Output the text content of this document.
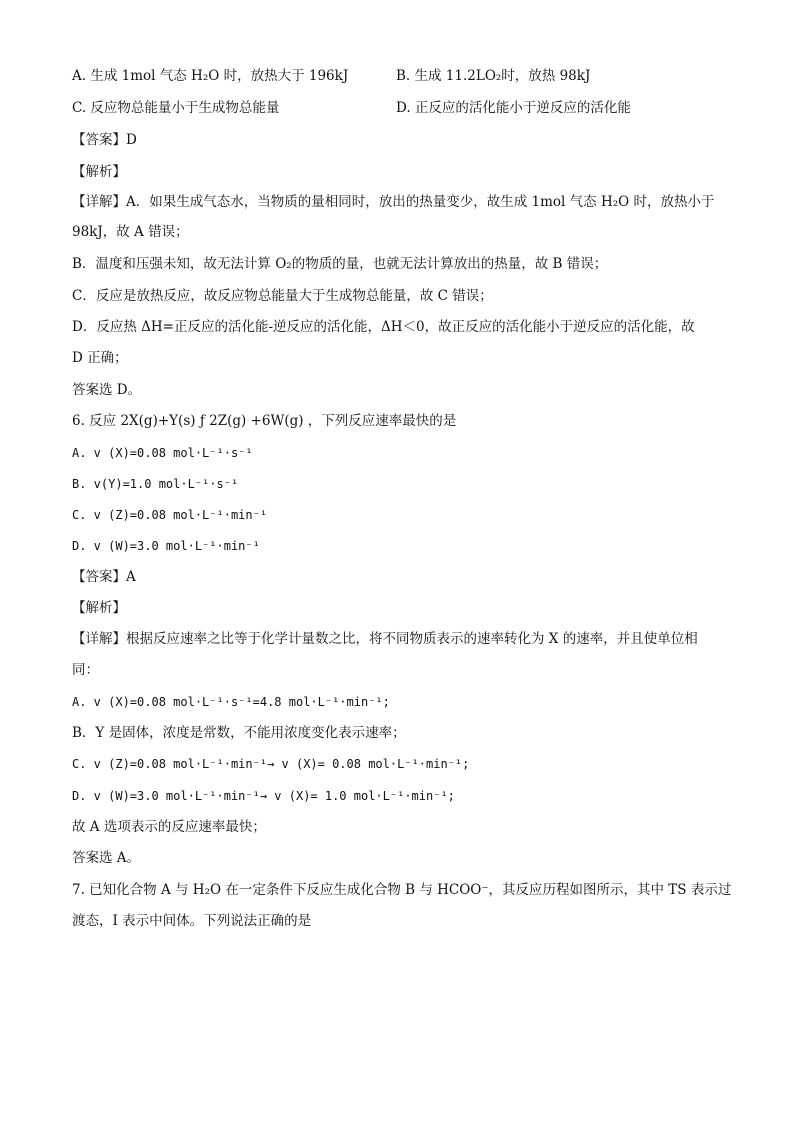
A. 生成 1mol 气态 H₂O 时，放热大于 196kJ	B. 生成 11.2LO₂时，放热 98kJ
C. 反应物总能量小于生成物总能量	D. 正反应的活化能小于逆反应的活化能
【答案】D
【解析】
【详解】A．如果生成气态水，当物质的量相同时，放出的热量变少，故生成 1mol 气态 H₂O 时，放热小于
98kJ，故 A 错误；
B．温度和压强未知，故无法计算 O₂的物质的量，也就无法计算放出的热量，故 B 错误；
C．反应是放热反应，故反应物总能量大于生成物总能量，故 C 错误；
D．反应热 ΔH=正反应的活化能-逆反应的活化能，ΔH＜0，故正反应的活化能小于逆反应的活化能，故
D 正确；
答案选 D。
6. 反应 2X(g)+Y(s) ƒ 2Z(g) +6W(g) ，下列反应速率最快的是
A. v (X)=0.08 mol·L⁻¹·s⁻¹
B. v(Y)=1.0 mol·L⁻¹·s⁻¹
C. v (Z)=0.08 mol·L⁻¹·min⁻¹
D. v (W)=3.0 mol·L⁻¹·min⁻¹
【答案】A
【解析】
【详解】根据反应速率之比等于化学计量数之比，将不同物质表示的速率转化为 X 的速率，并且使单位相
同：
A. v (X)=0.08 mol·L⁻¹·s⁻¹=4.8 mol·L⁻¹·min⁻¹;
B．Y 是固体，浓度是常数，不能用浓度变化表示速率；
C. v (Z)=0.08 mol·L⁻¹·min⁻¹→ v (X)= 0.08 mol·L⁻¹·min⁻¹;
D. v (W)=3.0 mol·L⁻¹·min⁻¹→ v (X)= 1.0 mol·L⁻¹·min⁻¹;
故 A 选项表示的反应速率最快；
答案选 A。
7. 已知化合物 A 与 H₂O 在一定条件下反应生成化合物 B 与 HCOO⁻，其反应历程如图所示，其中 TS 表示过
渡态，I 表示中间体。下列说法正确的是
